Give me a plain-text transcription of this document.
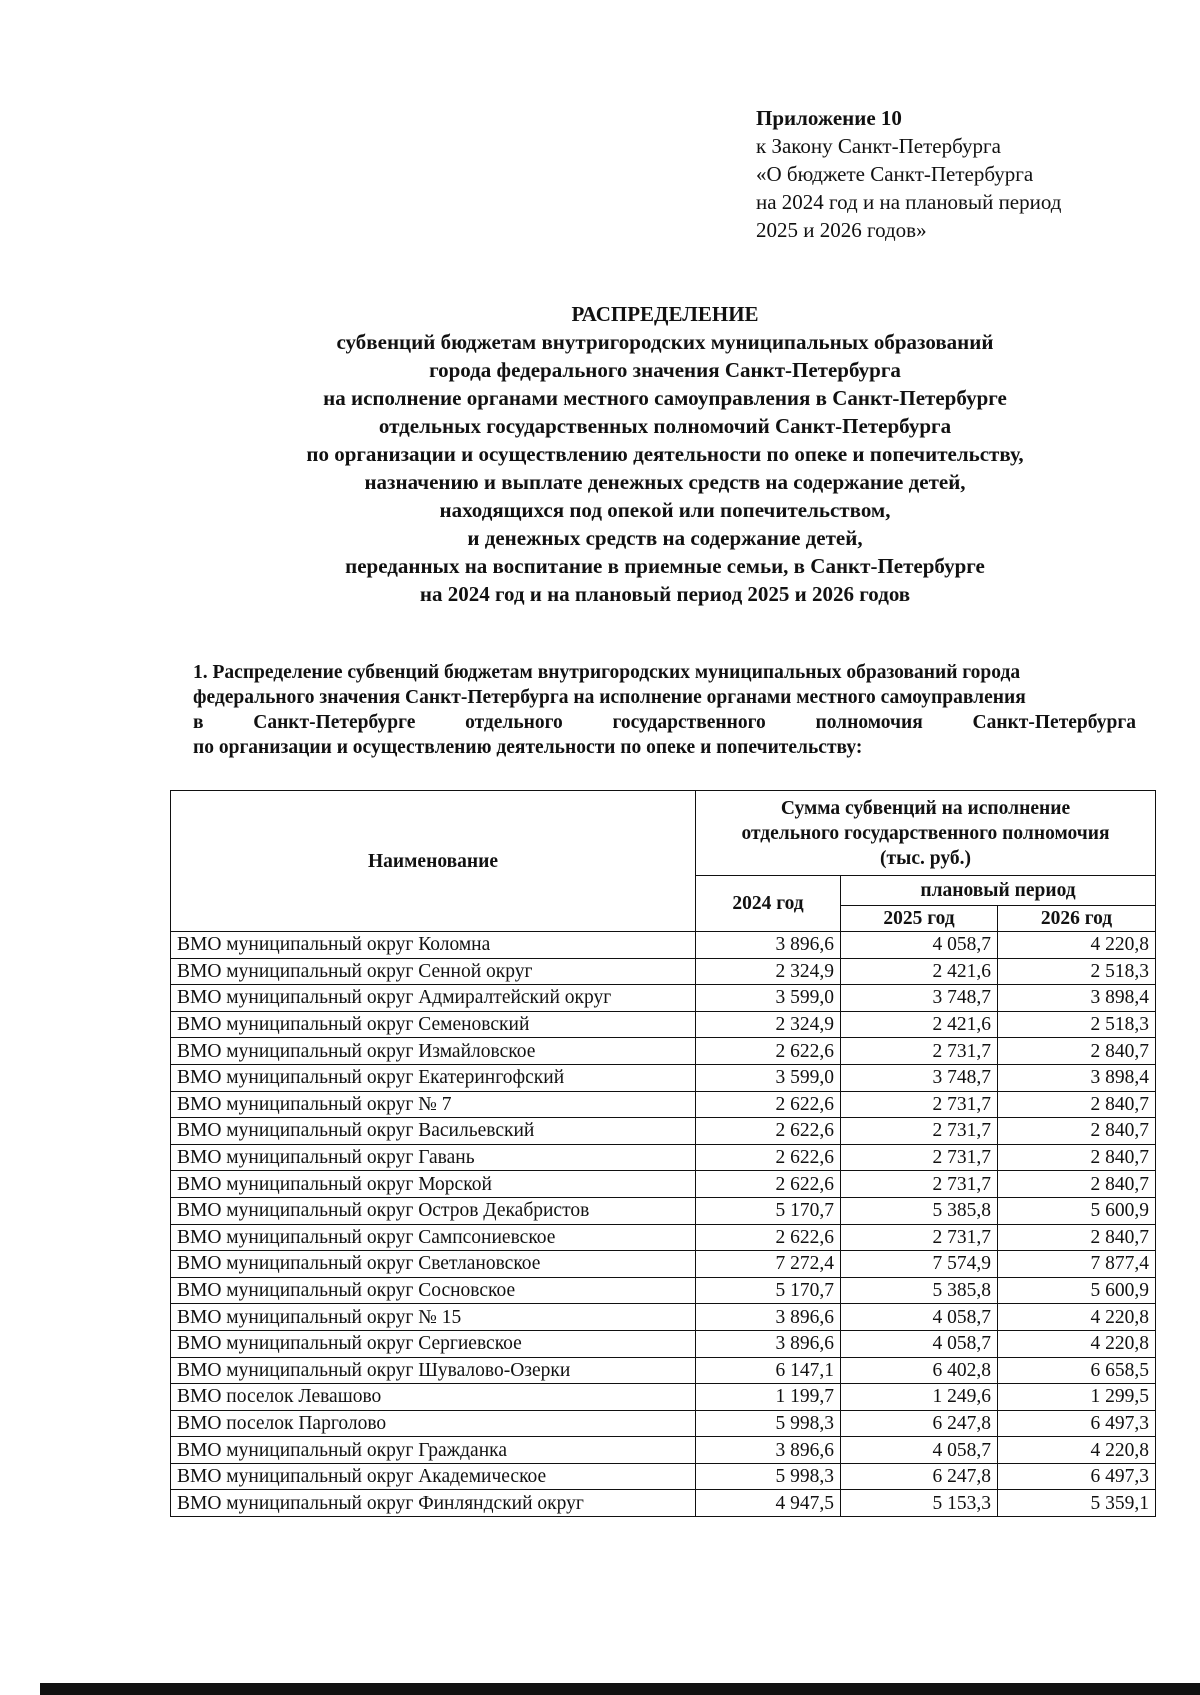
Приложение 10
к Закону Санкт-Петербурга
«О бюджете Санкт-Петербурга
на 2024 год и на плановый период
2025 и 2026 годов»
РАСПРЕДЕЛЕНИЕ
субвенций бюджетам внутригородских муниципальных образований
города федерального значения Санкт-Петербурга
на исполнение органами местного самоуправления в Санкт-Петербурге
отдельных государственных полномочий Санкт-Петербурга
по организации и осуществлению деятельности по опеке и попечительству,
назначению и выплате денежных средств на содержание детей,
находящихся под опекой или попечительством,
и денежных средств на содержание детей,
переданных на воспитание в приемные семьи, в Санкт-Петербурге
на 2024 год и на плановый период 2025 и 2026 годов
1. Распределение субвенций бюджетам внутригородских муниципальных образований города
федерального значения Санкт-Петербурга на исполнение органами местного самоуправления
в	Санкт-Петербурге	отдельного	государственного	полномочия	Санкт-Петербурга
по организации и осуществлению деятельности по опеке и попечительству:
Наименование	Сумма субвенций на исполнение
отдельного государственного полномочия
(тыс. руб.)		

	2024 год	плановый период	
		2025 год	2026 год
ВМО муниципальный округ Коломна	3 896,6	4 058,7	4 220,8
ВМО муниципальный округ Сенной округ	2 324,9	2 421,6	2 518,3
ВМО муниципальный округ Адмиралтейский округ	3 599,0	3 748,7	3 898,4
ВМО муниципальный округ Семеновский	2 324,9	2 421,6	2 518,3
ВМО муниципальный округ Измайловское	2 622,6	2 731,7	2 840,7
ВМО муниципальный округ Екатерингофский	3 599,0	3 748,7	3 898,4
ВМО муниципальный округ № 7	2 622,6	2 731,7	2 840,7
ВМО муниципальный округ Васильевский	2 622,6	2 731,7	2 840,7
ВМО муниципальный округ Гавань	2 622,6	2 731,7	2 840,7
ВМО муниципальный округ Морской	2 622,6	2 731,7	2 840,7
ВМО муниципальный округ Остров Декабристов	5 170,7	5 385,8	5 600,9
ВМО муниципальный округ Сампсониевское	2 622,6	2 731,7	2 840,7
ВМО муниципальный округ Светлановское	7 272,4	7 574,9	7 877,4
ВМО муниципальный округ Сосновское	5 170,7	5 385,8	5 600,9
ВМО муниципальный округ № 15	3 896,6	4 058,7	4 220,8
ВМО муниципальный округ Сергиевское	3 896,6	4 058,7	4 220,8
ВМО муниципальный округ Шувалово-Озерки	6 147,1	6 402,8	6 658,5
ВМО поселок Левашово	1 199,7	1 249,6	1 299,5
ВМО поселок Парголово	5 998,3	6 247,8	6 497,3
ВМО муниципальный округ Гражданка	3 896,6	4 058,7	4 220,8
ВМО муниципальный округ Академическое	5 998,3	6 247,8	6 497,3
ВМО муниципальный округ Финляндский округ	4 947,5	5 153,3	5 359,1
